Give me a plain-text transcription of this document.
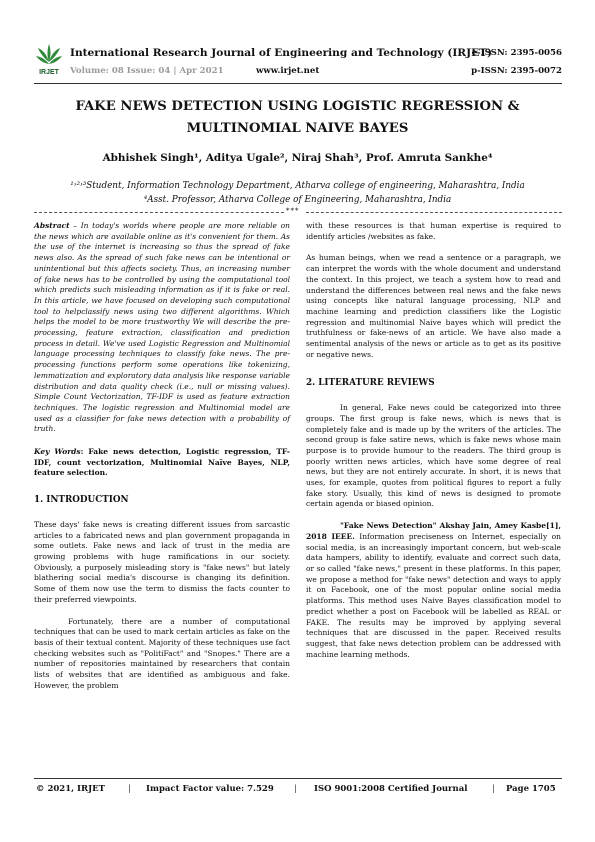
IRJET
International Research Journal of Engineering and Technology (IRJET)
e-ISSN: 2395-0056
Volume: 08 Issue: 04 | Apr 2021	www.irjet.net	p-ISSN: 2395-0072
FAKE NEWS DETECTION USING LOGISTIC REGRESSION &
MULTINOMIAL NAIVE BAYES
Abhishek Singh¹, Aditya Ugale², Niraj Shah³, Prof. Amruta Sankhe⁴
¹˒²˒³Student, Information Technology Department, Atharva college of engineering, Maharashtra, India
⁴Asst. Professor, Atharva College of Engineering, Maharashtra, India
***

Abstract – In today's worlds where people are more reliable on the news which are available online as it's convenient for them. As the use of the internet is increasing so thus the spread of fake news also. As the spread of such fake news can be intentional or unintentional but this affects society. Thus, an increasing number of fake news has to be controlled by using the computational tool which predicts such misleading information as if it is fake or real. In this article, we have focused on developing such computational tool to helpclassify news using two different algorithms. Which helps the model to be more trustworthy We will describe the pre-processing, feature extraction, classification and prediction process in detail. We've used Logistic Regression and Multinomial language processing techniques to classify fake news. The pre-processing functions perform some operations like tokenizing, lemmatization and exploratory data analysis like response variable distribution and data quality check (i.e., null or missing values). Simple Count Vectorization, TF-IDF is used as feature extraction techniques. The logistic regression and Multinomial model are used as a classifier for fake news detection with a probability of truth.

Key Words: Fake news detection, Logistic regression, TF-IDF, count vectorization, Multinomial Naïve Bayes, NLP, feature selection.

1. INTRODUCTION

These days' fake news is creating different issues from sarcastic articles to a fabricated news and plan government propaganda in some outlets. Fake news and lack of trust in the media are growing problems with huge ramifications in our society. Obviously, a purposely misleading story is "fake news" but lately blathering social media's discourse is changing its definition. Some of them now use the term to dismiss the facts counter to their preferred viewpoints.

Fortunately, there are a number of computational techniques that can be used to mark certain articles as fake on the basis of their textual content. Majority of these techniques use fact checking websites such as "PolitiFact" and "Snopes." There are a number of repositories maintained by researchers that contain lists of websites that are identified as ambiguous and fake. However, the problem

with these resources is that human expertise is required to identify articles /websites as fake.

As human beings, when we read a sentence or a paragraph, we can interpret the words with the whole document and understand the context. In this project, we teach a system how to read and understand the differences between real news and the fake news using concepts like natural language processing, NLP and machine learning and prediction classifiers like the Logistic regression and multinomial Naive bayes which will predict the truthfulness or fake-news of an article. We have also made a sentimental analysis of the news or article as to get as its positive or negative news.

2. LITERATURE REVIEWS

In general, Fake news could be categorized into three groups. The first group is fake news, which is news that is completely fake and is made up by the writers of the articles. The second group is fake satire news, which is fake news whose main purpose is to provide humour to the readers. The third group is poorly written news articles, which have some degree of real news, but they are not entirely accurate. In short, it is news that uses, for example, quotes from political figures to report a fully fake story. Usually, this kind of news is designed to promote certain agenda or biased opinion.

"Fake News Detection" Akshay Jain, Amey Kasbe[1], 2018 IEEE. Information preciseness on Internet, especially on social media, is an increasingly important concern, but web-scale data hampers, ability to identify, evaluate and correct such data, or so called "fake news," present in these platforms. In this paper, we propose a method for "fake news" detection and ways to apply it on Facebook, one of the most popular online social media platforms. This method uses Naive Bayes classification model to predict whether a post on Facebook will be labelled as REAL or FAKE. The results may be improved by applying several techniques that are discussed in the paper. Received results suggest, that fake news detection problem can be addressed with machine learning methods.

© 2021, IRJET	| Impact Factor value: 7.529 | ISO 9001:2008 Certified Journal	| Page 1705
